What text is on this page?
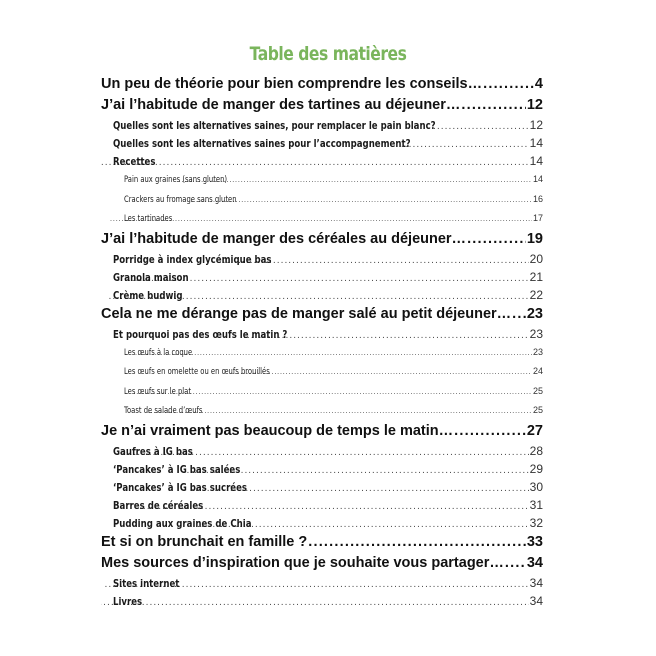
Table des matières
Un peu de théorie pour bien comprendre les conseils… .....	4
J’ai l’habitude de manger des tartines au déjeuner… .....	12
Quelles sont les alternatives saines, pour remplacer le pain blanc? .....	12
Quelles sont les alternatives saines pour l’accompagnement? .....	14
Recettes .....	14
Pain aux graines (sans gluten) .....	14
Crackers au fromage sans gluten .....	16
Les tartinades .....	17
J’ai l’habitude de manger des céréales au déjeuner… .....	19
Porridge à index glycémique bas .....	20
Granola maison .....	21
Crème budwig .....	22
Cela ne me dérange pas de manger salé au petit déjeuner… ..... 23
Et pourquoi pas des œufs le matin ? .....	23
Les œufs à la coque .....	23
Les œufs en omelette ou en œufs brouillés .....	24
Les œufs sur le plat .....	25
Toast de salade d’œufs .....	25
Je n’ai vraiment pas beaucoup de temps le matin… .....	27
Gaufres à IG bas .....	28
‘Pancakes’ à IG bas salées .....	29
‘Pancakes’ à IG bas sucrées .....	30
Barres de céréales .....	31
Pudding aux graines de Chia .....	32
Et si on brunchait en famille ? .....	33
Mes sources d’inspiration que je souhaite vous partager… ..... 34
Sites internet .....	34
Livres .....	34
